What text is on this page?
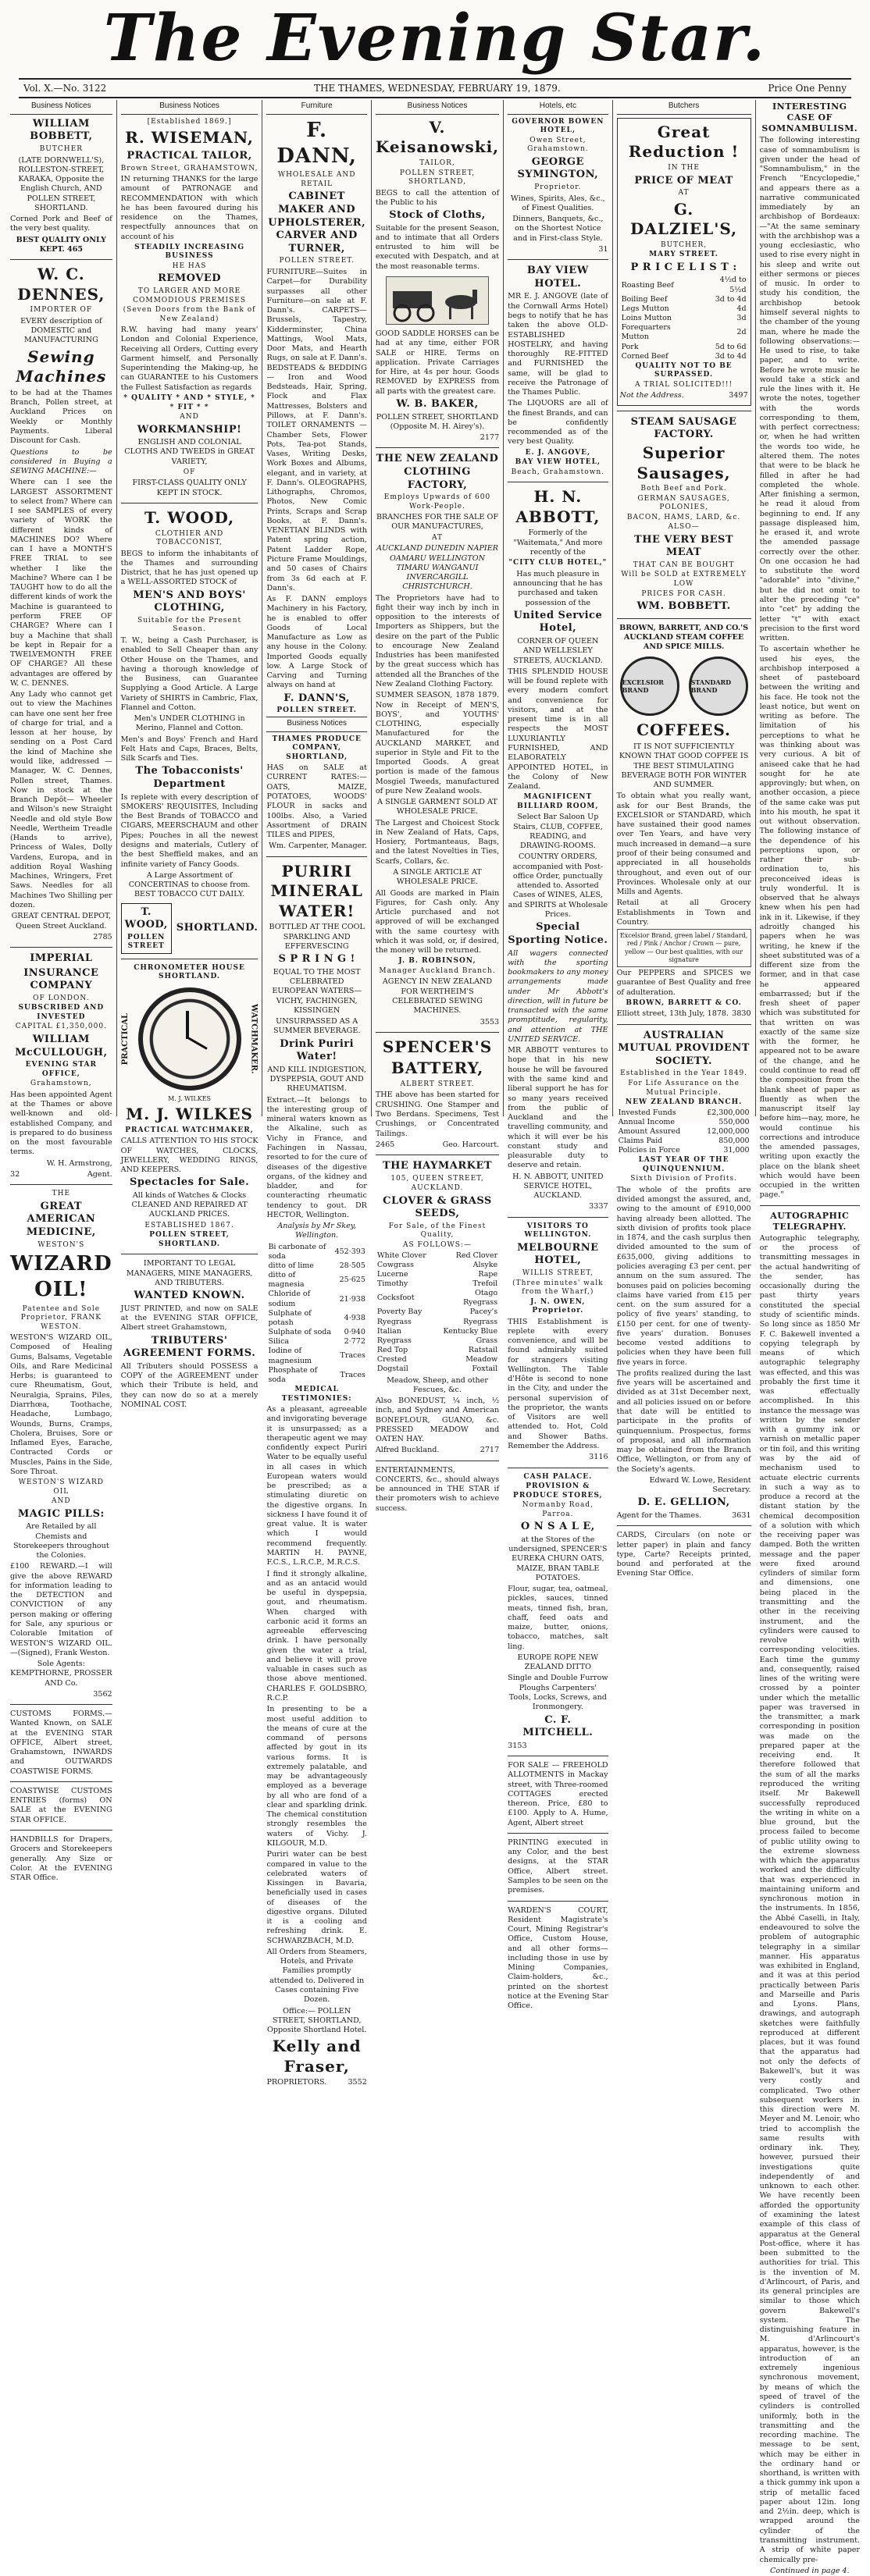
The Evening Star.
Vol. X.—No. 3122	THE THAMES, WEDNESDAY, FEBRUARY 19, 1879.	Price One Penny
Business Notices
WILLIAM BOBBETT,
BUTCHER

(LATE DORNWELL'S), ROLLESTON-STREET, KARAKA, Opposite the English Church, AND POLLEN STREET, SHORTLAND.

Corned Pork and Beef of the very best quality.

BEST QUALITY ONLY KEPT. 465

W. C. DENNES,
IMPORTER OF

EVERY description of DOMESTIC and MANUFACTURING

Sewing Machines

to be had at the Thames Branch, Pollen street, at Auckland Prices on Weekly or Monthly Payments. Liberal Discount for Cash.

Questions to be considered in Buying a SEWING MACHINE:—

Where can I see the LARGEST ASSORTMENT to select from? Where can I see SAMPLES of every variety of WORK the different kinds of MACHINES DO? Where can I have a MONTH'S FREE TRIAL to see whether I like the Machine? Where can I be TAUGHT how to do all the different kinds of work the Machine is guaranteed to perform FREE OF CHARGE? Where can I buy a Machine that shall be kept in Repair for a TWELVEMONTH FREE OF CHARGE? All these advantages are offered by W. C. DENNES.

Any Lady who cannot get out to view the Machines can have one sent her free of charge for trial, and a lesson at her house, by sending on a Post Card the kind of Machine she would like, addressed — Manager, W. C. Dennes, Pollen street, Thames. Now in stock at the Branch Depôt— Wheeler and Wilson's new Straight Needle and old style Bow Needle, Wertheim Treadle (Hands to arrive), Princess of Wales, Dolly Vardens, Europa, and in addition Royal Washing Machines, Wringers, Fret Saws. Needles for all Machines Two Shilling per dozen.

GREAT CENTRAL DEPOT, Queen Street Auckland.

2785

IMPERIAL
INSURANCE COMPANY
OF LONDON.
SUBSCRIBED AND INVESTED
CAPITAL £1,350,000.
WILLIAM McCULLOUGH,
EVENING STAR OFFICE,
Grahamstown,

Has been appointed Agent at the Thames or above well-known and old-established Company, and is prepared to do business on the most favourable terms.

W. H. Armstrong,

32	Agent.

THE
GREAT AMERICAN MEDICINE,
WESTON'S
WIZARD OIL!
Patentee and Sole Proprietor, FRANK WESTON.

WESTON'S WIZARD OIL, Composed of Healing Gums, Balsams, Vegetable Oils, and Rare Medicinal Herbs; is guaranteed to cure Rheumatism, Gout, Neuralgia, Sprains, Piles, Diarrhœa, Toothache, Headache, Lumbago, Wounds, Burns, Cramps, Cholera, Bruises, Sore or Inflamed Eyes, Earache, Contracted Cords or Muscles, Pains in the Side, Sore Throat.

WESTON'S WIZARD OIL
AND
MAGIC PILLS:

Are Retailed by all Chemists and Storekeepers throughout the Colonies.

£100 REWARD.—I will give the above REWARD for information leading to the DETECTION and CONVICTION of any person making or offering for Sale, any spurious or Colorable Imitation of WESTON'S WIZARD OIL.—(Signed), Frank Weston.

Sole Agents: KEMPTHORNE, PROSSER AND Co.

3562

CUSTOMS FORMS.—Wanted Known, on SALE at the EVENING STAR OFFICE, Albert street, Grahamstown, INWARDS and OUTWARDS COASTWISE FORMS.

COASTWISE CUSTOMS ENTRIES (forms) ON SALE at the EVENING STAR OFFICE.

HANDBILLS for Drapers, Grocers and Storekeepers generally. Any Size or Color. At the EVENING STAR Office.

Business Notices
[Established 1869.]
R. WISEMAN,
PRACTICAL TAILOR,
Brown Street, GRAHAMSTOWN,

IN returning THANKS for the large amount of PATRONAGE and RECOMMENDATION with which he has been favoured during his residence on the Thames, respectfully announces that on account of his

STEADILY INCREASING BUSINESS
HE HAS
REMOVED
TO LARGER AND MORE COMMODIOUS PREMISES
(Seven Doors from the Bank of New Zealand)

R.W. having had many years' London and Colonial Experience, Receiving all Orders, Cutting every Garment himself, and Personally Superintending the Making-up, he can GUARANTEE to his Customers the Fullest Satisfaction as regards

* QUALITY * AND * STYLE, * * FIT * *
AND
WORKMANSHIP!

ENGLISH AND COLONIAL CLOTHS AND TWEEDS in GREAT VARIETY,

OF

FIRST-CLASS QUALITY ONLY KEPT IN STOCK.

T. WOOD,
CLOTHIER AND TOBACCONIST,

BEGS to inform the inhabitants of the Thames and surrounding District, that he has just opened up a WELL-ASSORTED STOCK of

MEN'S AND BOYS' CLOTHING,
Suitable for the Present Season.

T. W., being a Cash Purchaser, is enabled to Sell Cheaper than any Other House on the Thames, and having a thorough knowledge of the Business, can Guarantee Supplying a Good Article. A Large Variety of SHIRTS in Cambric, Flax, Flannel and Cotton.

Men's UNDER CLOTHING in Merino, Flannel and Cotton.

Men's and Boys' French and Hard Felt Hats and Caps, Braces, Belts, Silk Scarfs and Ties.

The Tobacconists' Department

Is replete with every description of SMOKERS' REQUISITES, Including the Best Brands of TOBACCO and CIGARS, MEERSCHAUM and other Pipes; Pouches in all the newest designs and materials, Cutlery of the best Sheffield makes, and an infinite variety of Fancy Goods.

A Large Assortment of CONCERTINAS to choose from. BEST TOBACCO CUT DAILY.

T. WOOD,
POLLEN STREET
SHORTLAND.
CHRONOMETER HOUSE SHORTLAND.
PRACTICAL	WATCHMAKER.
M. J. WILKES
M. J. WILKES
PRACTICAL WATCHMAKER,

CALLS ATTENTION TO HIS STOCK OF WATCHES, CLOCKS, JEWELLERY, WEDDING RINGS, AND KEEPERS.

Spectacles for Sale.

All kinds of Watches & Clocks CLEANED AND REPAIRED AT AUCKLAND PRICES.

ESTABLISHED 1867.
POLLEN STREET, SHORTLAND.

IMPORTANT TO LEGAL MANAGERS, MINE MANAGERS, AND TRIBUTERS.

WANTED KNOWN.

JUST PRINTED, and now on SALE at the EVENING STAR OFFICE, Albert street Grahamstown,

TRIBUTERS' AGREEMENT FORMS.

All Tributers should POSSESS a COPY of the AGREEMENT under which their Tribute is held, and they can now do so at a merely NOMINAL COST.

Furniture
F. DANN,
WHOLESALE AND RETAIL
CABINET MAKER AND UPHOLSTERER, CARVER AND TURNER,
POLLEN STREET.

FURNITURE—Suites in Carpet—for Durability surpasses all other Furniture—on sale at F. Dann's. CARPETS—Brussels, Tapestry, Kidderminster, China Mattings, Wool Mats, Door Mats, and Hearth Rugs, on sale at F. Dann's. BEDSTEADS & BEDDING — Iron and Wood Bedsteads, Hair, Spring, Flock and Flax Mattresses, Bolsters and Pillows, at F. Dann's. TOILET ORNAMENTS — Chamber Sets, Flower Pots, Tea-pot Stands, Vases, Writing Desks, Work Boxes and Albums, elegant, and in variety, at F. Dann's. OLEOGRAPHS, Lithographs, Chromos, Photos, New Comic Prints, Scraps and Scrap Books, at F. Dann's. VENETIAN BLINDS with Patent spring action, Patent Ladder Rope, Picture Frame Mouldings, and 50 cases of Chairs from 3s 6d each at F. Dann's.

As F. DANN employs Machinery in his Factory, he is enabled to offer Goods of Local Manufacture as Low as any house in the Colony. Imported Goods equally low. A Large Stock of Carving and Turning always on hand at

F. DANN'S,
POLLEN STREET.
Business Notices
THAMES PRODUCE COMPANY, SHORTLAND,

HAS on SALE at CURRENT RATES:— OATS, MAIZE, POTATOES, WOODS' FLOUR in sacks and 100lbs. Also, a Varied Assortment of DRAIN TILES and PIPES,

Wm. Carpenter, Manager.

PURIRI MINERAL WATER!

BOTTLED AT THE COOL SPARKLING AND EFFERVESCING

S P R I N G !

EQUAL TO THE MOST CELEBRATED EUROPEAN WATERS— VICHY, FACHINGEN, KISSINGEN

UNSURPASSED AS A SUMMER BEVERAGE.

Drink Puriri Water!

AND KILL INDIGESTION, DYSPEPSIA, GOUT AND RHEUMATISM.

Extract.—It belongs to the interesting group of mineral waters known as the Alkaline, such as Vichy in France, and Fachingen in Nassau, resorted to for the cure of diseases of the digestive organs, of the kidney and bladder, and for counteracting rheumatic tendency to gout. DR HECTOR, Wellington.

Analysis by Mr Skey, Wellington.

Bi carbonate of soda	452·393
ditto of lime	28·505
ditto of magnesia	25·625
Chloride of sodium	21·938
Sulphate of potash	4·938
Sulphate of soda	0·940
Silica	2·772
Iodine of magnesium	Traces
Phosphate of soda	Traces
MEDICAL TESTIMONIES:

As a pleasant, agreeable and invigorating beverage it is unsurpassed; as a therapeutic agent we may confidently expect Puriri Water to be equally useful in all cases in which European waters would be prescribed; as a stimulating diuretic on the digestive organs. In sickness I have found it of great value. It is water which I would recommend frequently. MARTIN H. PAYNE, F.C.S., L.R.C.P., M.R.C.S.

I find it strongly alkaline, and as an antacid would be useful in dyspepsia, gout, and rheumatism. When charged with carbonic acid it forms an agreeable effervescing drink. I have personally given the water a trial, and believe it will prove valuable in cases such as those above mentioned. CHARLES F. GOLDSBRO, R.C.P.

In presenting to be a most useful addition to the means of cure at the command of persons affected by gout in its various forms. It is extremely palatable, and may be advantageously employed as a beverage by all who are fond of a clear and sparkling drink. The chemical constitution strongly resembles the waters of Vichy. J. KILGOUR, M.D.

Puriri water can be best compared in value to the celebrated waters of Kissingen in Bavaria, beneficially used in cases of diseases of the digestive organs. Diluted it is a cooling and refreshing drink. E. SCHWARZBACH, M.D.

All Orders from Steamers, Hotels, and Private Families promptly attended to. Delivered in Cases containing Five Dozen.

Office:— POLLEN STREET, SHORTLAND, Opposite Shortland Hotel.

Kelly and Fraser,

PROPRIETORS.	3552

Business Notices
V. Keisanowski,
TAILOR,
POLLEN STREET, SHORTLAND,

BEGS to call the attention of the Public to his

Stock of Cloths,

Suitable for the present Season, and to intimate that all Orders entrusted to him will be executed with Despatch, and at the most reasonable terms.

GOOD SADDLE HORSES can be had at any time, either FOR SALE or HIRE. Terms on application. Private Carriages for Hire, at 4s per hour. Goods REMOVED by EXPRESS from all parts with the greatest care.

W. B. BAKER,

POLLEN STREET, SHORTLAND (Opposite M. H. Airey's).

2177

THE NEW ZEALAND CLOTHING FACTORY,
Employs Upwards of 600 Work-People.

BRANCHES FOR THE SALE OF OUR MANUFACTURES,

AT

AUCKLAND DUNEDIN NAPIER OAMARU WELLINGTON TIMARU WANGANUI INVERCARGILL CHRISTCHURCH.

The Proprietors have had to fight their way inch by inch in opposition to the interests of Importers as Shippers, but the desire on the part of the Public to encourage New Zealand Industries has been manifested by the great success which has attended all the Branches of the New Zealand Clothing Factory.

SUMMER SEASON, 1878 1879. Now in Receipt of MEN'S, BOYS', and YOUTHS' CLOTHING, especially Manufactured for the AUCKLAND MARKET, and superior in Style and Fit to the Imported Goods. A great portion is made of the famous Mosgiel Tweeds, manufactured of pure New Zealand wools.

A SINGLE GARMENT SOLD AT WHOLESALE PRICE.

The Largest and Choicest Stock in New Zealand of Hats, Caps, Hosiery, Portmanteaus, Bags, and the latest Novelties in Ties, Scarfs, Collars, &c.

A SINGLE ARTICLE AT WHOLESALE PRICE.

All Goods are marked in Plain Figures, for Cash only. Any Article purchased and not approved of will be exchanged with the same courtesy with which it was sold, or, if desired, the money will be returned.

J. B. ROBINSON,
Manager Auckland Branch.

AGENCY IN NEW ZEALAND FOR WERTHEIM'S CELEBRATED SEWING MACHINES.

3553

SPENCER'S
BATTERY,
ALBERT STREET.

THE above has been started for CRUSHING. One Stamper and Two Berdans. Specimens, Test Crushings, or Concentrated Tailings.

2465	Geo. Harcourt.

THE HAYMARKET
105, QUEEN STREET,
AUCKLAND.
CLOVER & GRASS SEEDS,
For Sale, of the Finest Quality,
AS FOLLOWS:—
White Clover	Red Clover
Cowgrass	Alsyke
Lucerne	Rape
Timothy	Trefoil
Cocksfoot	Otago Ryegrass
Poverty Bay Ryegrass	Pacey's Ryegrass
Italian Ryegrass	Kentucky Blue Grass
Red Top	Ratstail
Crested Dogstail	Meadow Foxtail

Meadow, Sheep, and other Fescues, &c.

Also BONEDUST, ¼ inch, ½ inch, and Sydney and American BONEFLOUR, GUANO, &c. PRESSED MEADOW and OATEN HAY.

Alfred Buckland.	2717

ENTERTAINMENTS, CONCERTS, &c., should always be announced in THE STAR if their promoters wish to achieve success.

Hotels, etc
GOVERNOR BOWEN HOTEL,
Owen Street, Grahamstown.
GEORGE SYMINGTON,
Proprietor.

Wines, Spirits, Ales, &c., of Finest Qualities.

Dinners, Banquets, &c., on the Shortest Notice and in First-class Style.

31

BAY VIEW HOTEL.

MR E. J. ANGOVE (late of the Cornwall Arms Hotel) begs to notify that he has taken the above OLD-ESTABLISHED HOSTELRY, and having thoroughly RE-FITTED and FURNISHED the same, will be glad to receive the Patronage of the Thames Public.

The LIQUORS are all of the finest Brands, and can be confidently recommended as of the very best Quality.

E. J. ANGOVE,
BAY VIEW HOTEL,
Beach, Grahamstown.
H. N. ABBOTT,

Formerly of the "Waitemata," And more recently of the

"CITY CLUB HOTEL,"

Has much pleasure in announcing that he has purchased and taken possession of the

United Service Hotel,

CORNER OF QUEEN AND WELLESLEY STREETS, AUCKLAND.

THIS SPLENDID HOUSE will be found replete with every modern comfort and convenience for visitors, and at the present time is in all respects the MOST LUXURIANTLY FURNISHED, AND ELABORATELY APPOINTED HOTEL, in the Colony of New Zealand.

MAGNIFICENT BILLIARD ROOM,

Select Bar Saloon Up Stairs, CLUB, COFFEE, READING, and DRAWING-ROOMS.

COUNTRY ORDERS, accompanied with Post-office Order, punctually attended to. Assorted Cases of WINES, ALES, and SPIRITS at Wholesale Prices.

Special Sporting Notice.

All wagers connected with the sporting bookmakers to any money arrangements made under Mr Abbott's direction, will in future be transacted with the same promptitude, regularity, and attention at THE UNITED SERVICE.

MR ABBOTT ventures to hope that in his new house he will be favoured with the same kind and liberal support he has for so many years received from the public of Auckland and the travelling community, and which it will ever be his constant study and pleasurable duty to deserve and retain.

H. N. ABBOTT, UNITED SERVICE HOTEL, AUCKLAND.

3337

VISITORS TO WELLINGTON.
MELBOURNE HOTEL,
WILLIS STREET,
(Three minutes' walk from the Wharf,)
J. N. OWEN, Proprietor.

THIS Establishment is replete with every convenience, and will be found admirably suited for strangers visiting Wellington. The Table d'Hôte is second to none in the City, and under the personal supervision of the proprietor, the wants of Visitors are well attended to. Hot, Cold and Shower Baths. Remember the Address.

3116

CASH PALACE.
PROVISION & PRODUCE STORES,
Normanby Road, Parroa.
O N S A L E,

at the Stores of the undersigned, SPENCER'S EUREKA CHURN OATS, MAIZE, BRAN TABLE POTATOES.

Flour, sugar, tea, oatmeal, pickles, sauces, tinned meats, tinned fish, bran, chaff, feed oats and maize, butter, onions, tobacco, matches, salt ling.

EUROPE ROPE NEW ZEALAND DITTO

Single and Double Furrow Ploughs Carpenters' Tools, Locks, Screws, and Ironmongery.

C. F. MITCHELL.

3153

FOR SALE — FREEHOLD ALLOTMENTS in Mackay street, with Three-roomed COTTAGES erected thereon. Price, £80 to £100. Apply to A. Hume, Agent, Albert street

PRINTING executed in any Color, and the best designs, at the STAR Office, Albert street. Samples to be seen on the premises.

WARDEN'S COURT, Resident Magistrate's Court, Mining Registrar's Office, Custom House, and all other forms—including those in use by Mining Companies, Claim-holders, &c., printed on the shortest notice at the Evening Star Office.

Butchers
Great Reduction !
IN THE
PRICE OF MEAT
AT
G. DALZIEL'S,
BUTCHER,
MARY STREET.
P R I C E L I S T :
Roasting Beef	4½d to 5½d
Boiling Beef	3d to 4d
Legs Mutton	4d
Loins Mutton	3d
Forequarters Mutton	2d
Pork	5d to 6d
Corned Beef	3d to 4d
QUALITY NOT TO BE SURPASSED.
A TRIAL SOLICITED!!!

Not the Address.	3497

STEAM SAUSAGE FACTORY.
Superior Sausages,
Both Beef and Pork.
GERMAN SAUSAGES, POLONIES,
BACON, HAMS, LARD, &c.
ALSO—
THE VERY BEST MEAT
THAT CAN BE BOUGHT
Will be SOLD at EXTREMELY LOW
PRICES FOR CASH.
WM. BOBBETT.

BROWN, BARRETT, AND CO.'S AUCKLAND STEAM COFFEE AND SPICE MILLS.

EXCELSIOR BRAND
STANDARD BRAND
COFFEES.

IT IS NOT SUFFICIENTLY KNOWN THAT GOOD COFFEE IS THE BEST STIMULATING BEVERAGE BOTH FOR WINTER AND SUMMER.

To obtain what you really want, ask for our Best Brands, the EXCELSIOR or STANDARD, which have sustained their good names over Ten Years, and have very much increased in demand—a sure proof of their being consumed and appreciated in all households throughout, and even out of our Provinces. Wholesale only at our Mills and Agents.

Retail at all Grocery Establishments in Town and Country.

Excelsior Brand, green label / Standard, red / Pink / Anchor / Crown — pure, yellow — Our best qualities, with our signature

Our PEPPERS and SPICES we guarantee of Best Quality and free of adulteration.

BROWN, BARRETT & CO.

Elliott street, 13th July, 1878. 3830

AUSTRALIAN MUTUAL PROVIDENT SOCIETY.
Established in the Year 1849.
For Life Assurance on the Mutual Principle.
NEW ZEALAND BRANCH.
Invested Funds	£2,300,000
Annual Income	550,000
Amount Assured	12,000,000
Claims Paid	850,000
Policies in Force	31,000
LAST YEAR OF THE QUINQUENNIUM.
Sixth Division of Profits.

The whole of the profits are divided amongst the assured, and, owing to the amount of £910,000 having already been allotted. The sixth division of profits took place in 1874, and the cash surplus then divided amounted to the sum of £635,000, giving additions to policies averaging £3 per cent. per annum on the sum assured. The bonuses paid on policies becoming claims have varied from £15 per cent. on the sum assured for a policy of five years' standing, to £150 per cent. for one of twenty-five years' duration. Bonuses become vested additions to policies when they have been full five years in force.

The profits realized during the last five years will be ascertained and divided as at 31st December next, and all policies issued on or before that date will be entitled to participate in the profits of quinquennium. Prospectus, forms of proposal, and all information may be obtained from the Branch Office, Wellington, or from any of the Society's agents.

Edward W. Lowe, Resident Secretary.

D. E. GELLION,

Agent for the Thames.	3631

CARDS, Circulars (on note or letter paper) in plain and fancy type, Carte? Receipts printed, bound and perforated at the Evening Star Office.

INTERESTING CASE OF SOMNAMBULISM.

The following interesting case of somnambulism is given under the head of "Somnambulism," in the French "Encyclopedie," and appears there as a narrative communicated immediately by an archbishop of Bordeaux:—"At the same seminary with the archbishop was a young ecclesiastic, who used to rise every night in his sleep and write out either sermons or pieces of music. In order to study his condition, the archbishop betook himself several nights to the chamber of the young man, where he made the following observations:—He used to rise, to take paper, and to write. Before he wrote music he would take a stick and rule the lines with it. He wrote the notes, together with the words corresponding to them, with perfect correctness; or, when he had written the words too wide, he altered them. The notes that were to be black he filled in after he had completed the whole. After finishing a sermon, he read it aloud from beginning to end. If any passage displeased him, he erased it, and wrote the amended passage correctly over the other. On one occasion he had to substitute the word "adorable" into "divine," but he did not omit to alter the preceding "ce" into "cet" by adding the letter "t" with exact precision to the first word written.

To ascertain whether he used his eyes, the archbishop interposed a sheet of pasteboard between the writing and his face. He took not the least notice, but went on writing as before. The limitation of his perceptions to what he was thinking about was very curious. A bit of aniseed cake that he had sought for he ate approvingly; but when, on another occasion, a piece of the same cake was put into his mouth, he spat it out without observation. The following instance of the dependence of his perceptions upon, or rather their sub-ordination to, his preconceived ideas is truly wonderful. It is observed that he always knew when his pen had ink in it. Likewise, if they adroitly changed his papers when he was writing, he knew if the sheet substituted was of a different size from the former, and in that case he appeared embarrassed; but if the fresh sheet of paper which was substituted for that written on was exactly of the same size with the former, he appeared not to be aware of the change, and he could continue to read off the composition from the blank sheet of paper as fluently as when the manuscript itself lay before him—nay, more, he would continue his corrections and introduce the amended passages, writing upon exactly the place on the blank sheet which would have been occupied in the written page."

AUTOGRAPHIC TELEGRAPHY.

Autographic telegraphy, or the process of transmitting messages in the actual handwriting of the sender, has occasionally during the past thirty years constituted the special study of scientific minds. So long since as 1850 Mr F. C. Bakewell invented a copying telegraph by means of which autographic telegraphy was effected, and this was probably the first time it was effectually accomplished. In this instance the message was written by the sender with a gummy ink or varnish on metallic paper or tin foil, and this writing was by the aid of mechanism used to actuate electric currents in such a way as to produce a record at the distant station by the chemical decomposition of a solution with which the receiving paper was damped. Both the written message and the paper were fixed around cylinders of similar form and dimensions, one being placed in the transmitting and the other in the receiving instrument, and the cylinders were caused to revolve with corresponding velocities. Each time the gummy and, consequently, raised lines of the writing were crossed by a pointer under which the metallic paper was traversed in the transmitter, a mark corresponding in position was made on the prepared paper at the receiving end. It therefore followed that the sum of all the marks reproduced the writing itself. Mr Bakewell successfully reproduced the writing in white on a blue ground, but the process failed to become of public utility owing to the extreme slowness with which the apparatus worked and the difficulty that was experienced in maintaining uniform and synchronous motion in the instruments. In 1856, the Abbé Caselli, in Italy, endeavoured to solve the problem of autographic telegraphy in a similar manner. His apparatus was exhibited in England, and it was at this period practically between Paris and Marseille and Paris and Lyons. Plans, drawings, and autograph sketches were faithfully reproduced at different places, but it was found that the apparatus had not only the defects of Bakewell's, but it was very costly and complicated. Two other subsequent workers in this direction were M. Meyer and M. Lenoir, who tried to accomplish the same results with ordinary ink. They, however, pursued their investigations quite independently of and unknown to each other. We have recently been afforded the opportunity of examining the latest example of this class of apparatus at the General Post-office, where it has been submitted to the authorities for trial. This is the invention of M. d'Arlincourt, of Paris, and its general principles are similar to those which govern Bakewell's system. The distinguishing feature in M. d'Arlincourt's apparatus, however, is the introduction of an extremely ingenious synchronous movement, by means of which the speed of travel of the cylinders is controlled uniformly, both in the transmitting and the recording machine. The message to be sent, which may be either in the ordinary hand or shorthand, is written with a thick gummy ink upon a strip of metallic faced paper about 12in. long and 2½in. deep, which is wrapped around the cylinder of the transmitting instrument. A strip of white paper chemically pre-

Continued in page 4.
